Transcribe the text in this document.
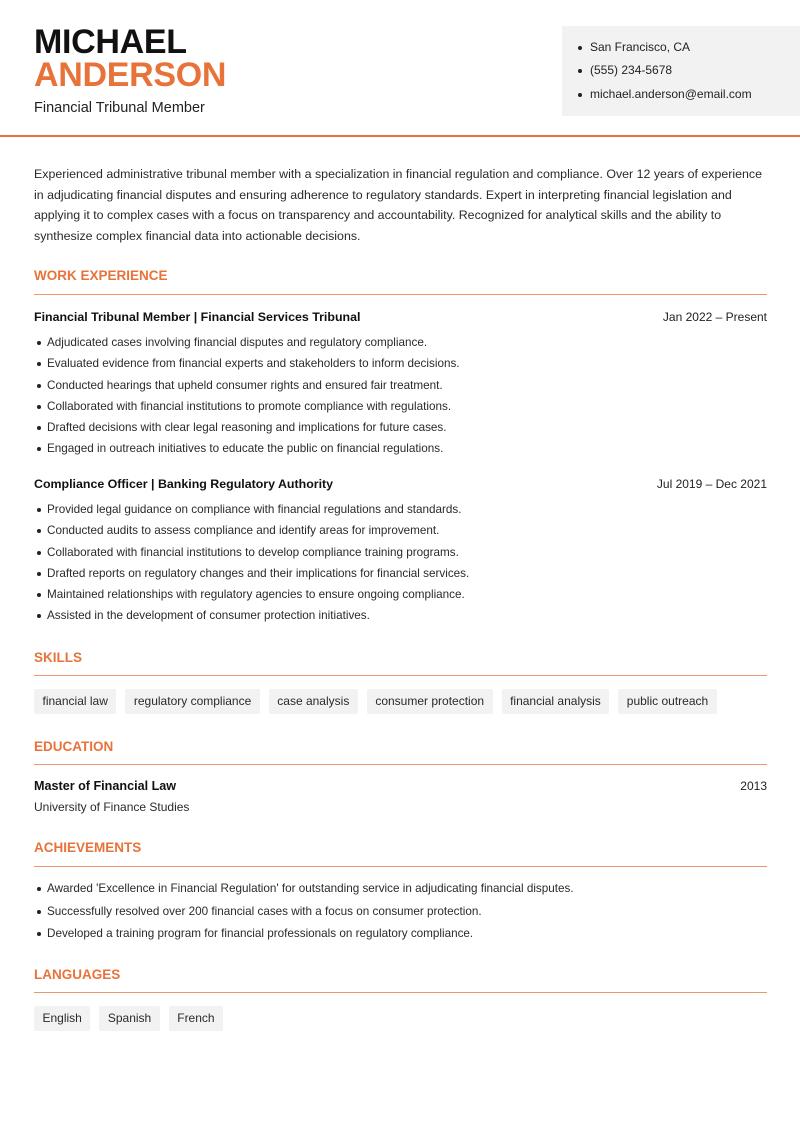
MICHAEL
ANDERSON
Financial Tribunal Member
San Francisco, CA
(555) 234-5678
michael.anderson@email.com
Experienced administrative tribunal member with a specialization in financial regulation and compliance. Over 12 years of experience in adjudicating financial disputes and ensuring adherence to regulatory standards. Expert in interpreting financial legislation and applying it to complex cases with a focus on transparency and accountability. Recognized for analytical skills and the ability to synthesize complex financial data into actionable decisions.
WORK EXPERIENCE
Financial Tribunal Member | Financial Services Tribunal	Jan 2022 – Present
Adjudicated cases involving financial disputes and regulatory compliance.
Evaluated evidence from financial experts and stakeholders to inform decisions.
Conducted hearings that upheld consumer rights and ensured fair treatment.
Collaborated with financial institutions to promote compliance with regulations.
Drafted decisions with clear legal reasoning and implications for future cases.
Engaged in outreach initiatives to educate the public on financial regulations.
Compliance Officer | Banking Regulatory Authority	Jul 2019 – Dec 2021
Provided legal guidance on compliance with financial regulations and standards.
Conducted audits to assess compliance and identify areas for improvement.
Collaborated with financial institutions to develop compliance training programs.
Drafted reports on regulatory changes and their implications for financial services.
Maintained relationships with regulatory agencies to ensure ongoing compliance.
Assisted in the development of consumer protection initiatives.
SKILLS
financial law	regulatory compliance	case analysis	consumer protection	financial analysis	public outreach
EDUCATION
Master of Financial Law	2013
University of Finance Studies
ACHIEVEMENTS
Awarded 'Excellence in Financial Regulation' for outstanding service in adjudicating financial disputes.
Successfully resolved over 200 financial cases with a focus on consumer protection.
Developed a training program for financial professionals on regulatory compliance.
LANGUAGES
English	Spanish	French
